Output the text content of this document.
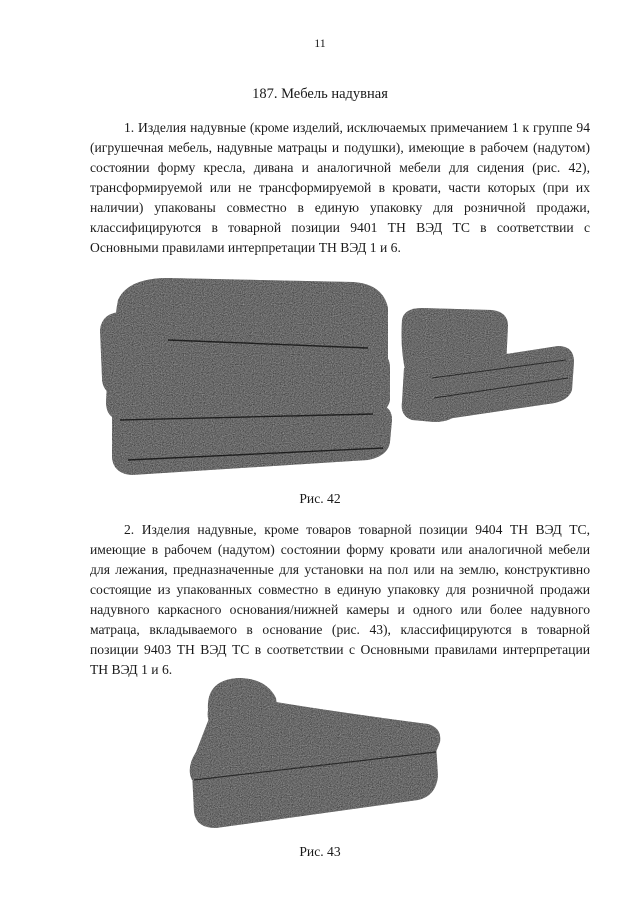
11
187. Мебель надувная

1. Изделия надувные (кроме изделий, исключаемых примечанием 1 к группе 94 (игрушечная мебель, надувные матрацы и подушки), имеющие в рабочем (надутом) состоянии форму кресла, дивана и аналогичной мебели для сидения (рис. 42), трансформируемой или не трансформируемой в кровати, части которых (при их наличии) упакованы совместно в единую упаковку для розничной продажи, классифицируются в товарной позиции 9401 ТН ВЭД ТС в соответствии с Основными правилами интерпретации ТН ВЭД 1 и 6.

Рис. 42

2. Изделия надувные, кроме товаров товарной позиции 9404 ТН ВЭД ТС, имеющие в рабочем (надутом) состоянии форму кровати или аналогичной мебели для лежания, предназначенные для установки на пол или на землю, конструктивно состоящие из упакованных совместно в единую упаковку для розничной продажи надувного каркасного основания/нижней камеры и одного или более надувного матраца, вкладываемого в основание (рис. 43), классифицируются в товарной позиции 9403 ТН ВЭД ТС в соответствии с Основными правилами интерпретации ТН ВЭД 1 и 6.

Рис. 43
